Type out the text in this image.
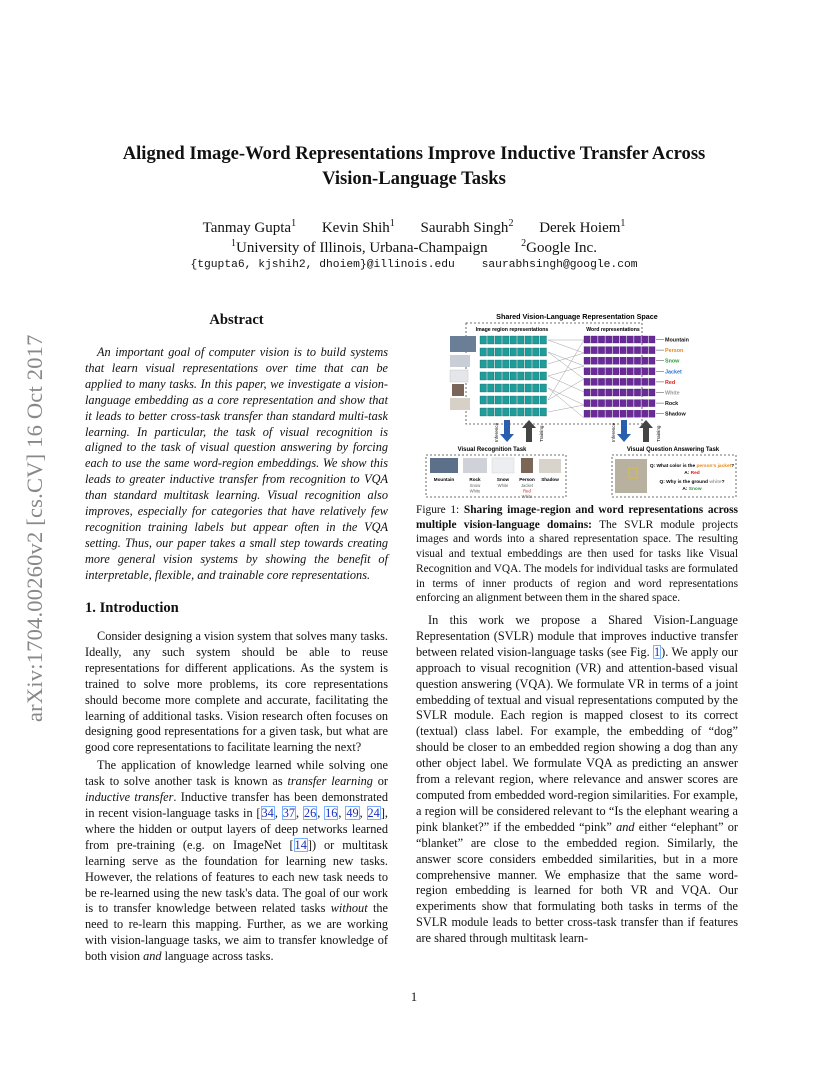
arXiv:1704.00260v2 [cs.CV] 16 Oct 2017
Aligned Image-Word Representations Improve Inductive Transfer Across
Vision-Language Tasks
Tanmay Gupta$^1$ Kevin Shih$^1$ Saurabh Singh$^2$ Derek Hoiem$^1$
$^1$University of Illinois, Urbana-Champaign	$^2$Google Inc.
{tgupta6, kjshih2, dhoiem}@illinois.edu saurabhsingh@google.com
Abstract

An important goal of computer vision is to build systems that learn visual representations over time that can be applied to many tasks. In this paper, we investigate a vision-language embedding as a core representation and show that it leads to better cross-task transfer than standard multi-task learning. In particular, the task of visual recognition is aligned to the task of visual question answering by forcing each to use the same word-region embeddings. We show this leads to greater inductive transfer from recognition to VQA than standard multitask learning. Visual recognition also improves, especially for categories that have relatively few recognition training labels but appear often in the VQA setting. Thus, our paper takes a small step towards creating more general vision systems by showing the benefit of interpretable, flexible, and trainable core representations.

1. Introduction

Consider designing a vision system that solves many tasks. Ideally, any such system should be able to reuse representations for different applications. As the system is trained to solve more problems, its core representations should become more complete and accurate, facilitating the learning of additional tasks. Vision research often focuses on designing good representations for a given task, but what are good core representations to facilitate learning the next?

The application of knowledge learned while solving one task to solve another task is known as transfer learning or inductive transfer. Inductive transfer has been demonstrated in recent vision-language tasks in [34, 37, 26, 16, 49, 24], where the hidden or output layers of deep networks learned from pre-training (e.g. on ImageNet [14]) or multitask learning serve as the foundation for learning new tasks. However, the relations of features to each new task needs to be re-learned using the new task's data. The goal of our work is to transfer knowledge between related tasks without the need to re-learn this mapping. Further, as we are working with vision-language tasks, we aim to transfer knowledge of both vision and language across tasks.

Shared Vision-Language Representation Space
Image region representations	Word representations
Mountain
Person
Snow
Jacket
Red
White
Rock
Shadow
Inference	Training	Inference	Training
Visual Recognition Task
Mountain	Rock
Snow
White
Snow
White
Person
Jacket
Red
White
Shadow
Visual Question Answering Task
Q: What color is the person's jacket?
A: Red
Q: Why is the ground white?
A: Snow

Figure 1: Sharing image-region and word representations across multiple vision-language domains: The SVLR module projects images and words into a shared representation space. The resulting visual and textual embeddings are then used for tasks like Visual Recognition and VQA. The models for individual tasks are formulated in terms of inner products of region and word representations enforcing an alignment between them in the shared space.

In this work we propose a Shared Vision-Language Representation (SVLR) module that improves inductive transfer between related vision-language tasks (see Fig. 1). We apply our approach to visual recognition (VR) and attention-based visual question answering (VQA). We formulate VR in terms of a joint embedding of textual and visual representations computed by the SVLR module. Each region is mapped closest to its correct (textual) class label. For example, the embedding of “dog” should be closer to an embedded region showing a dog than any other object label. We formulate VQA as predicting an answer from a relevant region, where relevance and answer scores are computed from embedded word-region similarities. For example, a region will be considered relevant to “Is the elephant wearing a pink blanket?” if the embedded “pink” and either “elephant” or “blanket” are close to the embedded region. Similarly, the answer score considers embedded similarities, but in a more comprehensive manner. We emphasize that the same word-region embedding is learned for both VR and VQA. Our experiments show that formulating both tasks in terms of the SVLR module leads to better cross-task transfer than if features are shared through multitask learn-

1
